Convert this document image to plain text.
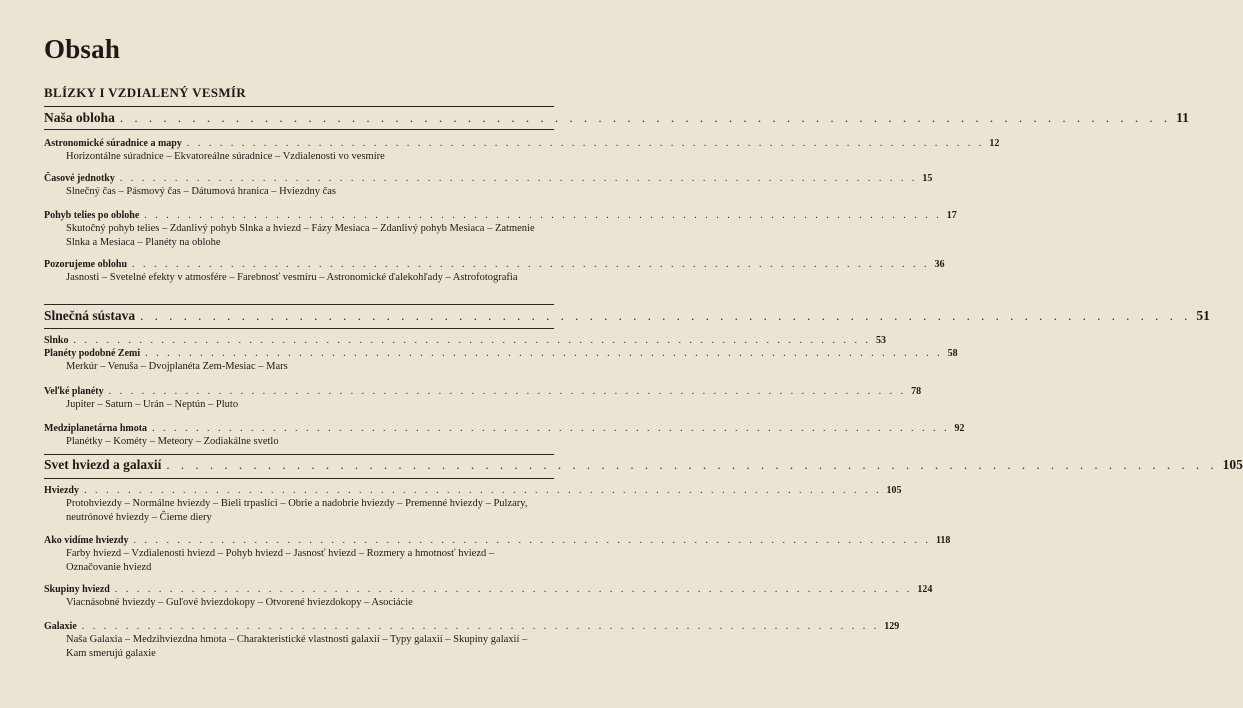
Obsah
BLÍZKY I VZDIALENÝ VESMÍR
Naša obloha . . . . . . . . . . . . . . . . . . . . . . . . . . . . . . . . . . . . . . . . . . . . . . . . . . . . . . . . . . . . . . . . . . . . . . . . . 11
Astronomické súradnice a mapy . . . . . . . . . . . . . . . . . . . . . . . . . . . . . . . . . . . . . . . . . . . . . . . . . . . . . . . . . . . . . . . . . . . . . . . . . 12
Horizontálne súradnice – Ekvatoreálne súradnice – Vzdialenosti vo vesmíre
Časové jednotky . . . . . . . . . . . . . . . . . . . . . . . . . . . . . . . . . . . . . . . . . . . . . . . . . . . . . . . . . . . . . . . . . . . . . . . . . 15
Slnečný čas – Pásmový čas – Dátumová hranica – Hviezdny čas
Pohyb telies po oblohe . . . . . . . . . . . . . . . . . . . . . . . . . . . . . . . . . . . . . . . . . . . . . . . . . . . . . . . . . . . . . . . . . . . . . . . . . 17
Skutočný pohyb telies – Zdanlivý pohyb Slnka a hviezd – Fázy Mesiaca – Zdanlivý pohyb Mesiaca – Zatmenie Slnka a Mesiaca – Planéty na oblohe
Pozorujeme oblohu . . . . . . . . . . . . . . . . . . . . . . . . . . . . . . . . . . . . . . . . . . . . . . . . . . . . . . . . . . . . . . . . . . . . . . . . . 36
Jasnosti – Svetelné efekty v atmosfére – Farebnosť vesmíru – Astronomické ďalekohľady – Astrofotografia
Slnečná sústava . . . . . . . . . . . . . . . . . . . . . . . . . . . . . . . . . . . . . . . . . . . . . . . . . . . . . . . . . . . . . . . . . . . . . . . . . 51
Slnko . . . . . . . . . . . . . . . . . . . . . . . . . . . . . . . . . . . . . . . . . . . . . . . . . . . . . . . . . . . . . . . . . . . . . . . . . 53
Planéty podobné Zemi . . . . . . . . . . . . . . . . . . . . . . . . . . . . . . . . . . . . . . . . . . . . . . . . . . . . . . . . . . . . . . . . . . . . . . . . . 58
Merkúr – Venuša – Dvojplanéta Zem-Mesiac – Mars
Veľké planéty . . . . . . . . . . . . . . . . . . . . . . . . . . . . . . . . . . . . . . . . . . . . . . . . . . . . . . . . . . . . . . . . . . . . . . . . . 78
Jupiter – Saturn – Urán – Neptún – Pluto
Medziplanetárna hmota . . . . . . . . . . . . . . . . . . . . . . . . . . . . . . . . . . . . . . . . . . . . . . . . . . . . . . . . . . . . . . . . . . . . . . . . . 92
Planétky – Kométy – Meteory – Zodiakálne svetlo
Svet hviezd a galaxií . . . . . . . . . . . . . . . . . . . . . . . . . . . . . . . . . . . . . . . . . . . . . . . . . . . . . . . . . . . . . . . . . . . . . . . . . 105
Hviezdy . . . . . . . . . . . . . . . . . . . . . . . . . . . . . . . . . . . . . . . . . . . . . . . . . . . . . . . . . . . . . . . . . . . . . . . . . 105
Protohviezdy – Normálne hviezdy – Bieli trpaslíci – Obrie a nadobrie hviezdy – Premenné hviezdy – Pulzary, neutrónové hviezdy – Čierne diery
Ako vidíme hviezdy . . . . . . . . . . . . . . . . . . . . . . . . . . . . . . . . . . . . . . . . . . . . . . . . . . . . . . . . . . . . . . . . . . . . . . . . . 118
Farby hviezd – Vzdialenosti hviezd – Pohyb hviezd – Jasnosť hviezd – Rozmery a hmotnosť hviezd – Označovanie hviezd
Skupiny hviezd . . . . . . . . . . . . . . . . . . . . . . . . . . . . . . . . . . . . . . . . . . . . . . . . . . . . . . . . . . . . . . . . . . . . . . . . . 124
Viacnásobné hviezdy – Guľové hviezdokopy – Otvorené hviezdokopy – Asociácie
Galaxie . . . . . . . . . . . . . . . . . . . . . . . . . . . . . . . . . . . . . . . . . . . . . . . . . . . . . . . . . . . . . . . . . . . . . . . . . 129
Naša Galaxia – Medzihviezdna hmota – Charakteristické vlastnosti galaxií – Typy galaxií – Skupiny galaxií – Kam smerujú galaxie
